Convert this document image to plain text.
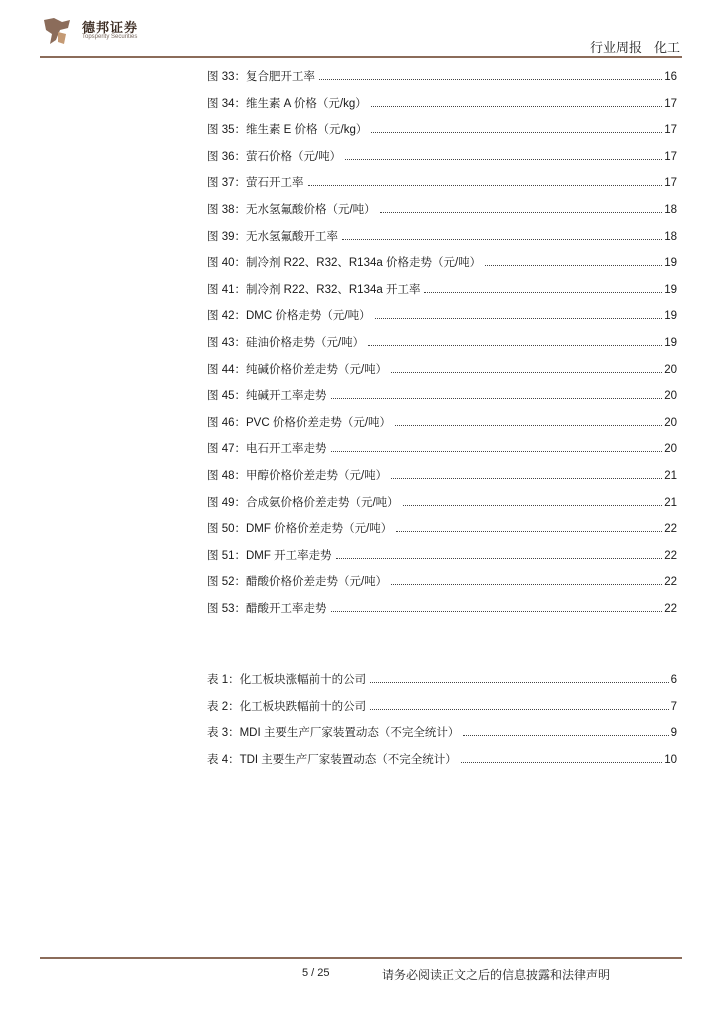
德邦证券
Topsperity Securities
行业周报 化工
图 33：复合肥开工率	16
图 34：维生素 A 价格（元/kg）	17
图 35：维生素 E 价格（元/kg）	17
图 36：萤石价格（元/吨）	17
图 37：萤石开工率	17
图 38：无水氢氟酸价格（元/吨）	18
图 39：无水氢氟酸开工率	18
图 40：制冷剂 R22、R32、R134a 价格走势（元/吨）	19
图 41：制冷剂 R22、R32、R134a 开工率	19
图 42：DMC 价格走势（元/吨）	19
图 43：硅油价格走势（元/吨）	19
图 44：纯碱价格价差走势（元/吨）	20
图 45：纯碱开工率走势	20
图 46：PVC 价格价差走势（元/吨）	20
图 47：电石开工率走势	20
图 48：甲醇价格价差走势（元/吨）	21
图 49：合成氨价格价差走势（元/吨）	21
图 50：DMF 价格价差走势（元/吨）	22
图 51：DMF 开工率走势	22
图 52：醋酸价格价差走势（元/吨）	22
图 53：醋酸开工率走势	22
表 1：化工板块涨幅前十的公司	6
表 2：化工板块跌幅前十的公司	7
表 3：MDI 主要生产厂家装置动态（不完全统计）	9
表 4：TDI 主要生产厂家装置动态（不完全统计）	10
5 / 25	请务必阅读正文之后的信息披露和法律声明
